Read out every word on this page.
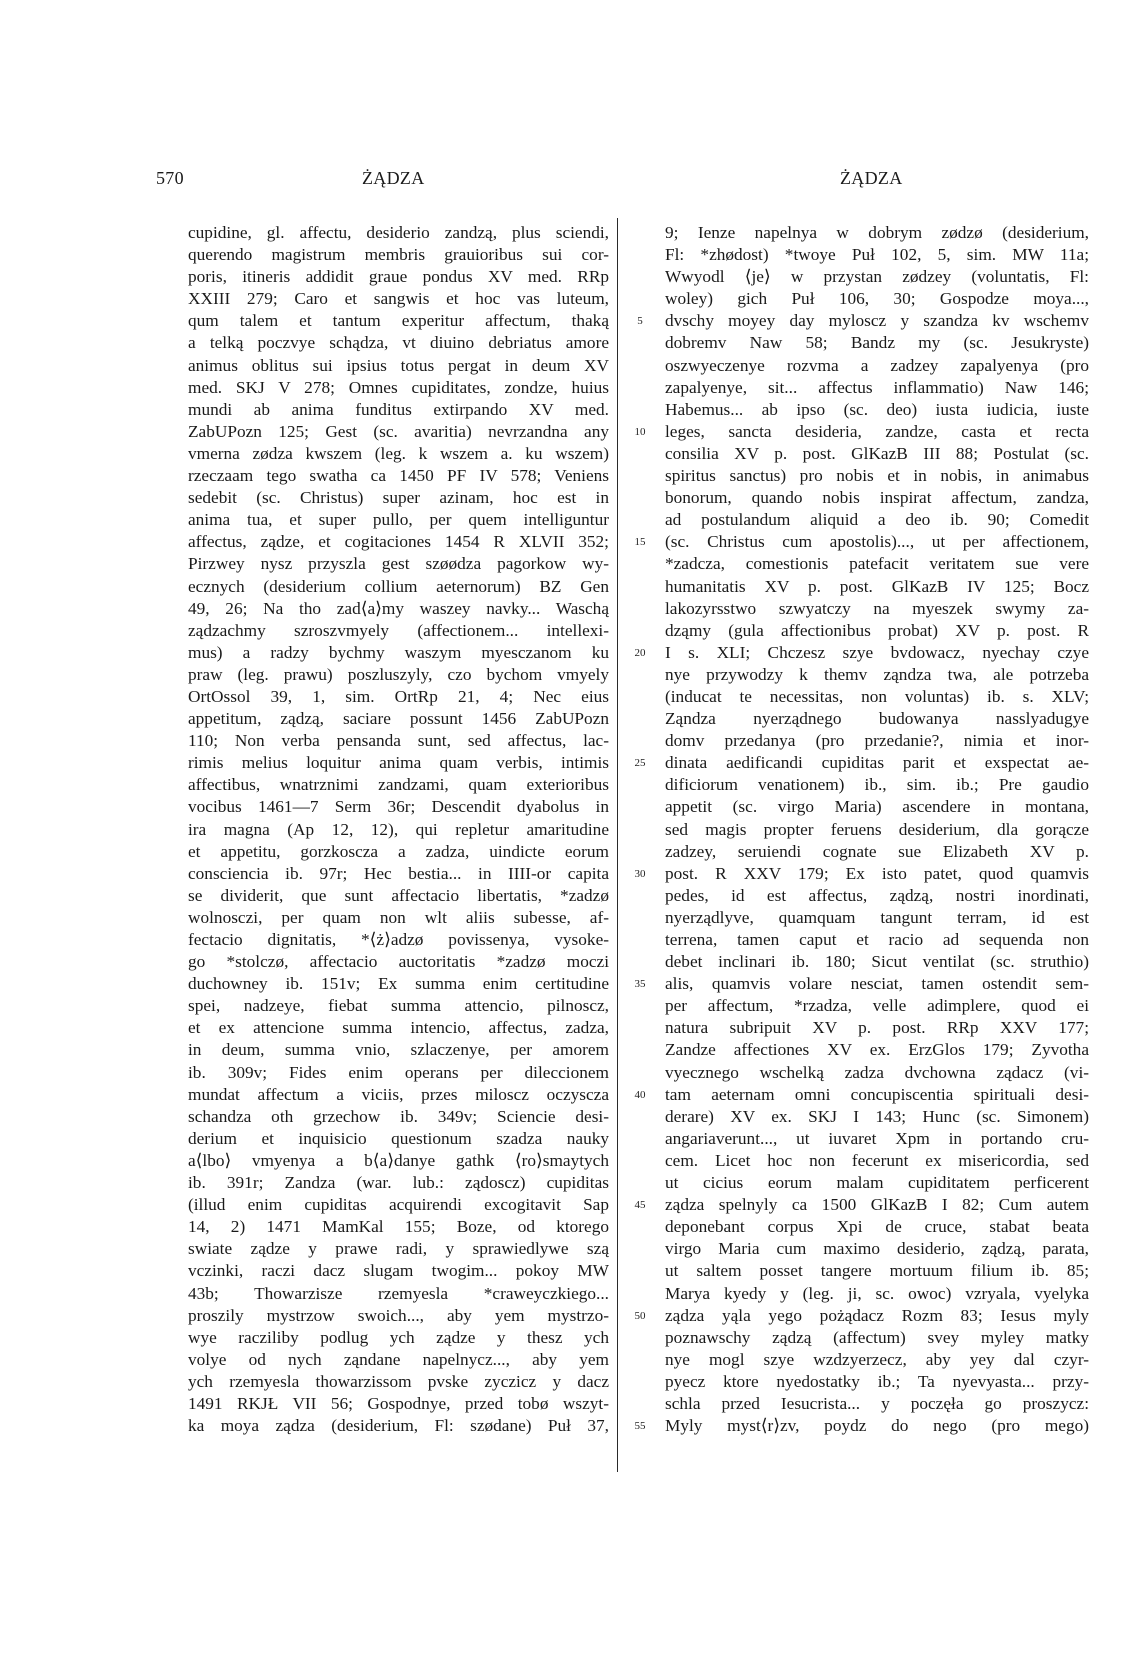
570	ŻĄDZA	ŻĄDZA
cupidine, gl. affectu, desiderio zandzą, plus sciendi,
querendo magistrum membris grauioribus sui cor-
poris, itineris addidit graue pondus XV med. RRp
XXIII 279; Caro et sangwis et hoc vas luteum,
qum talem et tantum experitur affectum, thaką
a telką poczvye schądza, vt diuino debriatus amore
animus oblitus sui ipsius totus pergat in deum XV
med. SKJ V 278; Omnes cupiditates, zondze, huius
mundi ab anima funditus extirpando XV med.
ZabUPozn 125; Gest (sc. avaritia) nevrzandna any
vmerna zødza kwszem (leg. k wszem a. ku wszem)
rzeczaam tego swatha ca 1450 PF IV 578; Veniens
sedebit (sc. Christus) super azinam, hoc est in
anima tua, et super pullo, per quem intelliguntur
affectus, ządze, et cogitaciones 1454 R XLVII 352;
Pirzwey nysz przyszla gest szøødza pagorkow wy-
ecznych (desiderium collium aeternorum) BZ Gen
49, 26; Na tho zad⟨a⟩my waszey navky... Waschą
ządzachmy szroszvmyely (affectionem... intellexi-
mus) a radzy bychmy waszym myesczanom ku
praw (leg. prawu) poszluszyly, czo bychom vmyely
OrtOssol 39, 1, sim. OrtRp 21, 4; Nec eius
appetitum, ządzą, saciare possunt 1456 ZabUPozn
110; Non verba pensanda sunt, sed affectus, lac-
rimis melius loquitur anima quam verbis, intimis
affectibus, wnatrznimi zandzami, quam exterioribus
vocibus 1461—7 Serm 36r; Descendit dyabolus in
ira magna (Ap 12, 12), qui repletur amaritudine
et appetitu, gorzkoscza a zadza, uindicte eorum
consciencia ib. 97r; Hec bestia... in IIII-or capita
se dividerit, que sunt affectacio libertatis, *zadzø
wolnosczi, per quam non wlt aliis subesse, af-
fectacio dignitatis, *⟨ż⟩adzø povissenya, vysoke-
go *stolczø, affectacio auctoritatis *zadzø moczi
duchowney ib. 151v; Ex summa enim certitudine
spei, nadzeye, fiebat summa attencio, pilnoscz,
et ex attencione summa intencio, affectus, zadza,
in deum, summa vnio, szlaczenye, per amorem
ib. 309v; Fides enim operans per dileccionem
mundat affectum a viciis, przes milosсz oczyscza
schandza oth grzechow ib. 349v; Sciencie desi-
derium et inquisicio questionum szadza nauky
a⟨lbo⟩ vmyenya a b⟨a⟩danye gathk ⟨ro⟩smaytych
ib. 391r; Zandza (war. lub.: ządoscz) cupiditas
(illud enim cupiditas acquirendi excogitavit Sap
14, 2) 1471 MamKal 155; Boze, od ktorego
swiate ządze y prawe radi, y sprawiedlywe szą
vczinki, raczi dacz slugam twogim... pokoy MW
43b; Thowarzisze rzemyesla *craweyczkiego...
proszily mystrzow swoich..., aby yem mystrzo-
wye racziliby podlug ych ządze y thesz ych
volye od nych ząndane napelnycz..., aby yem
ych rzemyesla thowarzissom pvske zyczicz y dacz
1491 RKJŁ VII 56; Gospodnye, przed tobø wszyt-
ka moya ządza (desiderium, Fl: szødane) Puł 37,
5
10
15
20
25
30
35
40
45
50
55
9; Ienze napelnya w dobrym zødzø (desiderium,
Fl: *zhødost) *twoye Puł 102, 5, sim. MW 11a;
Wwyodl ⟨je⟩ w przystan zødzey (voluntatis, Fl:
woley) gich Puł 106, 30; Gospodze moya...,
dvschy moyey day myloscz y szandza kv wschemv
dobremv Naw 58; Bandz my (sc. Jesukryste)
oszwyeczenye rozvma a zadzey zapalyenya (pro
zapalyenye, sit... affectus inflammatio) Naw 146;
Habemus... ab ipso (sc. deo) iusta iudicia, iuste
leges, sancta desideria, zandze, casta et recta
consilia XV p. post. GlKazB III 88; Postulat (sc.
spiritus sanctus) pro nobis et in nobis, in animabus
bonorum, quando nobis inspirat affectum, zandza,
ad postulandum aliquid a deo ib. 90; Comedit
(sc. Christus cum apostolis)..., ut per affectionem,
*zadcza, comestionis patefacit veritatem sue vere
humanitatis XV p. post. GlKazB IV 125; Bocz
lakozyrsstwo szwyatczy na myeszek swymy za-
dząmy (gula affectionibus probat) XV p. post. R
I s. XLI; Chczesz szye bvdowacz, nyechay czye
nye przywodzy k themv ząndza twa, ale potrzeba
(inducat te necessitas, non voluntas) ib. s. XLV;
Ząndza nyerządnego budowanya nasslyadugye
domv przedanya (pro przedanie?, nimia et inor-
dinata aedificandi cupiditas parit et exspectat ae-
dificiorum venationem) ib., sim. ib.; Pre gaudio
appetit (sc. virgo Maria) ascendere in montana,
sed magis propter feruens desiderium, dla gorącze
zadzey, seruiendi cognate sue Elizabeth XV p.
post. R XXV 179; Ex isto patet, quod quamvis
pedes, id est affectus, ządzą, nostri inordinati,
nyerządlyve, quamquam tangunt terram, id est
terrena, tamen caput et racio ad sequenda non
debet inclinari ib. 180; Sicut ventilat (sc. struthio)
alis, quamvis volare nesciat, tamen ostendit sem-
per affectum, *rzadza, velle adimplere, quod ei
natura subripuit XV p. post. RRp XXV 177;
Zandze affectiones XV ex. ErzGlos 179; Zyvotha
vyecznego wschelką zadza dvchowna ządacz (vi-
tam aeternam omni concupiscentia spirituali desi-
derare) XV ex. SKJ I 143; Hunc (sc. Simonem)
angariaverunt..., ut iuvaret Xpm in portando cru-
cem. Licet hoc non fecerunt ex misericordia, sed
ut cicius eorum malam cupiditatem perficerent
ządza spelnyly ca 1500 GlKazB I 82; Cum autem
deponebant corpus Xpi de cruce, stabat beata
virgo Maria cum maximo desiderio, ządzą, parata,
ut saltem posset tangere mortuum filium ib. 85;
Marya kyedy y (leg. ji, sc. owoc) vzryala, vyelyka
ządza yąla yego pożądacz Rozm 83; Iesus myly
poznawschy ządzą (affectum) svey myley matky
nye mogl szye wzdzyerzecz, aby yey dal czyr-
pyecz ktore nyedostatky ib.; Ta nyevyasta... przy-
schla przed Iesucrista... y poczęła go proszycz:
Myly myst⟨r⟩zv, poydz do nego (pro mego)
